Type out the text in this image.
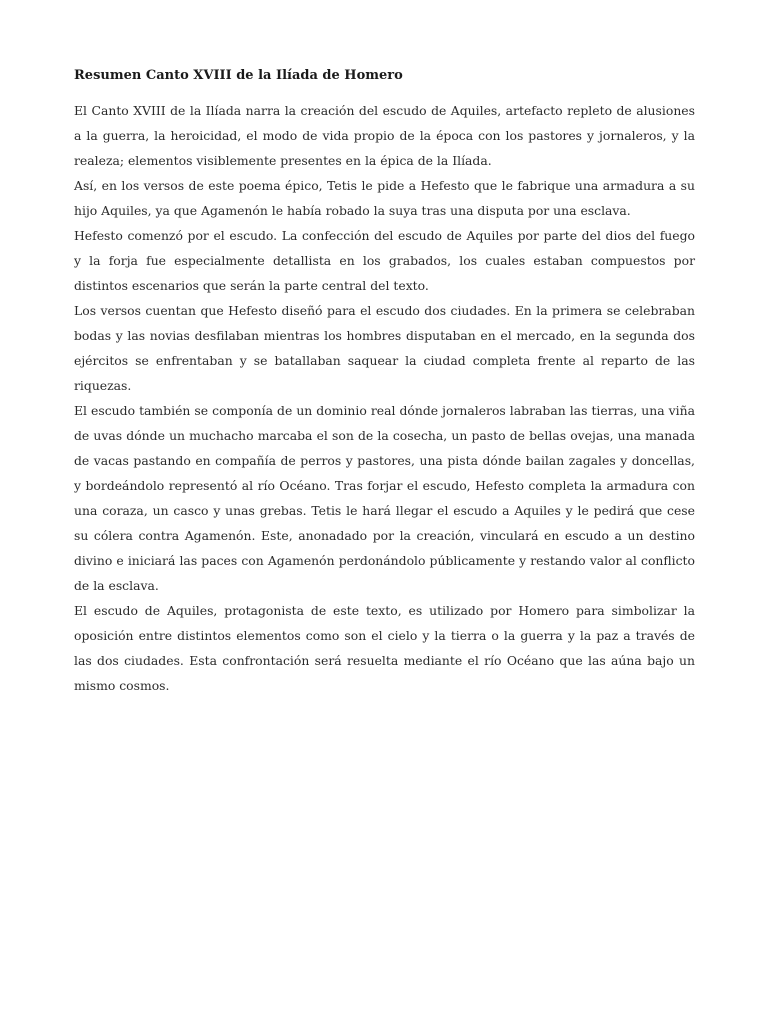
Resumen Canto XVIII de la Ilíada de Homero

El Canto XVIII de la Ilíada narra la creación del escudo de Aquiles, artefacto repleto de alusiones a la guerra, la heroicidad, el modo de vida propio de la época con los pastores y jornaleros, y la realeza; elementos visiblemente presentes en la épica de la Ilíada.

Así, en los versos de este poema épico, Tetis le pide a Hefesto que le fabrique una armadura a su hijo Aquiles, ya que Agamenón le había robado la suya tras una disputa por una esclava.

Hefesto comenzó por el escudo. La confección del escudo de Aquiles por parte del dios del fuego y la forja fue especialmente detallista en los grabados, los cuales estaban compuestos por distintos escenarios que serán la parte central del texto.

Los versos cuentan que Hefesto diseñó para el escudo dos ciudades. En la primera se celebraban bodas y las novias desfilaban mientras los hombres disputaban en el mercado, en la segunda dos ejércitos se enfrentaban y se batallaban saquear la ciudad completa frente al reparto de las riquezas.

El escudo también se componía de un dominio real dónde jornaleros labraban las tierras, una viña de uvas dónde un muchacho marcaba el son de la cosecha, un pasto de bellas ovejas, una manada de vacas pastando en compañía de perros y pastores, una pista dónde bailan zagales y doncellas, y bordeándolo representó al río Océano. Tras forjar el escudo, Hefesto completa la armadura con una coraza, un casco y unas grebas. Tetis le hará llegar el escudo a Aquiles y le pedirá que cese su cólera contra Agamenón. Este, anonadado por la creación, vinculará en escudo a un destino divino e iniciará las paces con Agamenón perdonándolo públicamente y restando valor al conflicto de la esclava.

El escudo de Aquiles, protagonista de este texto, es utilizado por Homero para simbolizar la oposición entre distintos elementos como son el cielo y la tierra o la guerra y la paz a través de las dos ciudades. Esta confrontación será resuelta mediante el río Océano que las aúna bajo un mismo cosmos.
